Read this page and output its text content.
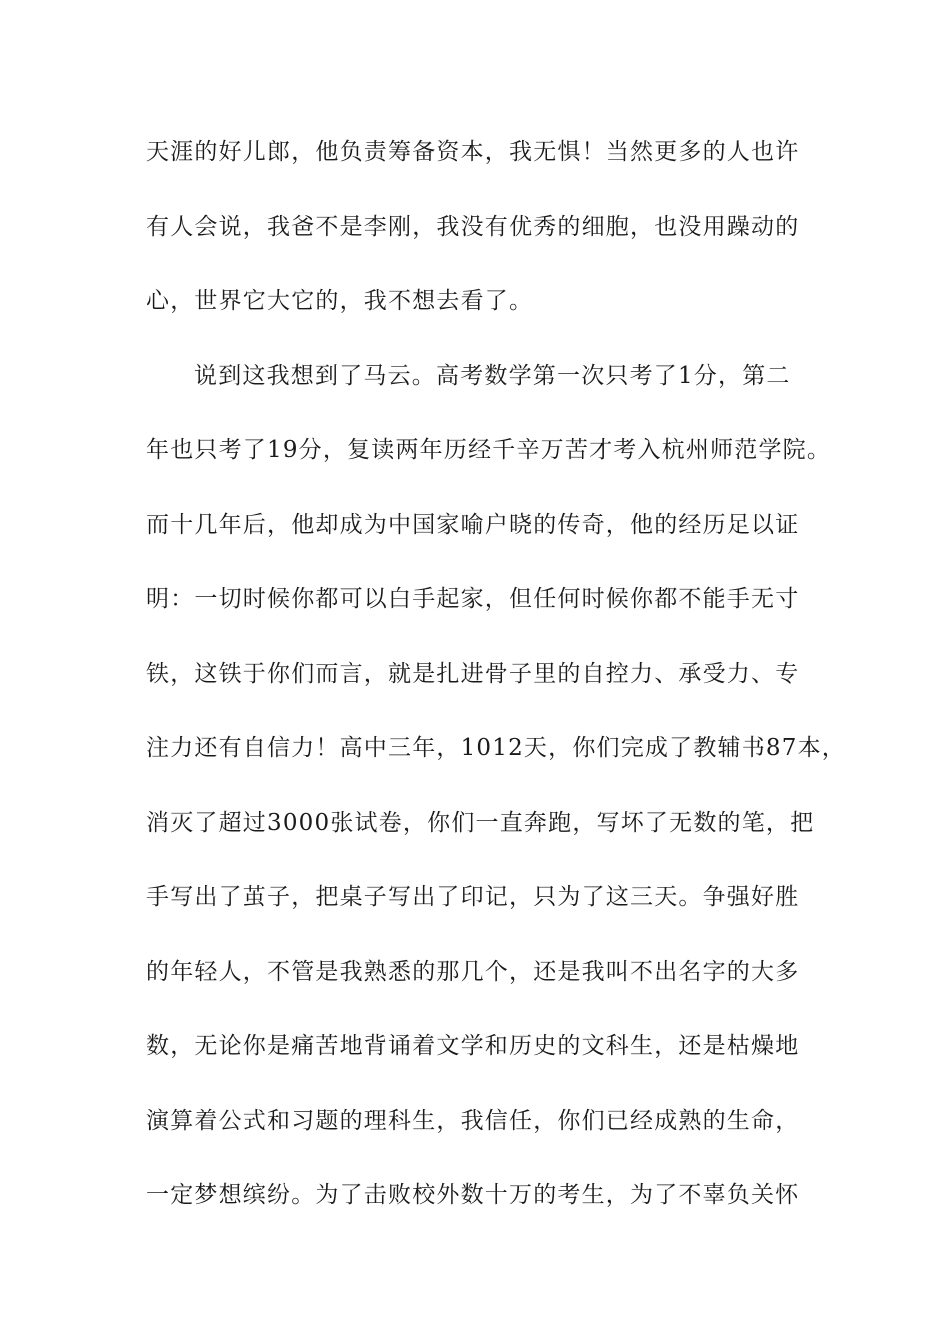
天涯的好儿郎，他负责筹备资本，我无惧！当然更多的人也许
有人会说，我爸不是李刚，我没有优秀的细胞，也没用躁动的
心，世界它大它的，我不想去看了。
说到这我想到了马云。高考数学第一次只考了1分，第二
年也只考了19分，复读两年历经千辛万苦才考入杭州师范学院。
而十几年后，他却成为中国家喻户晓的传奇，他的经历足以证
明：一切时候你都可以白手起家，但任何时候你都不能手无寸
铁，这铁于你们而言，就是扎进骨子里的自控力、承受力、专
注力还有自信力！高中三年，1012天，你们完成了教辅书87本，
消灭了超过3000张试卷，你们一直奔跑，写坏了无数的笔，把
手写出了茧子，把桌子写出了印记，只为了这三天。争强好胜
的年轻人，不管是我熟悉的那几个，还是我叫不出名字的大多
数，无论你是痛苦地背诵着文学和历史的文科生，还是枯燥地
演算着公式和习题的理科生，我信任，你们已经成熟的生命，
一定梦想缤纷。为了击败校外数十万的考生，为了不辜负关怀
